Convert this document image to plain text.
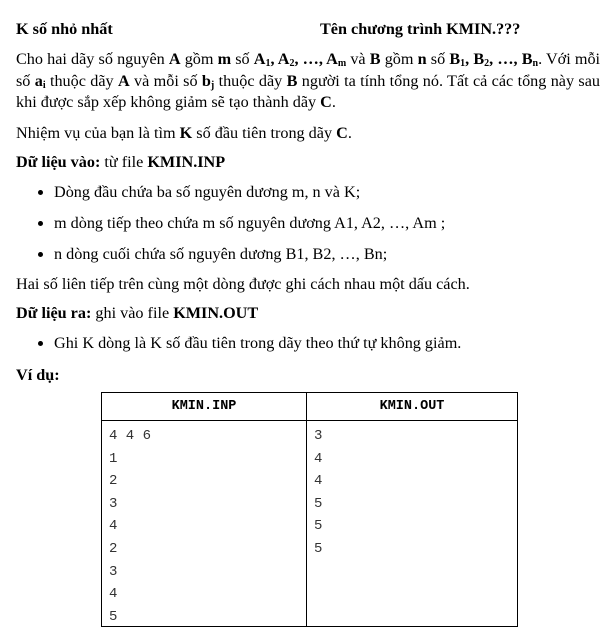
K số nhỏ nhất	Tên chương trình KMIN.???
Cho hai dãy số nguyên A gồm m số $A_1$, $A_2$, …, $A_m$ và B gồm n số $B_1$, $B_2$, …, $B_n$. Với mỗi số $a_i$ thuộc dãy A và mỗi số $b_j$ thuộc dãy B người ta tính tổng nó. Tất cả các tổng này sau khi được sắp xếp không giảm sẽ tạo thành dãy C.
Nhiệm vụ của bạn là tìm K số đầu tiên trong dãy C.
Dữ liệu vào: từ file KMIN.INP
Dòng đầu chứa ba số nguyên dương m, n và K;
m dòng tiếp theo chứa m số nguyên dương A1, A2, …, Am ;
n dòng cuối chứa số nguyên dương B1, B2, …, Bn;
Hai số liên tiếp trên cùng một dòng được ghi cách nhau một dấu cách.
Dữ liệu ra: ghi vào file KMIN.OUT
Ghi K dòng là K số đầu tiên trong dãy theo thứ tự không giảm.
Ví dụ:
KMIN.INP
4 4 6
1
2
3
4
2
3
4
5
KMIN.OUT
3
4
4
5
5
5
